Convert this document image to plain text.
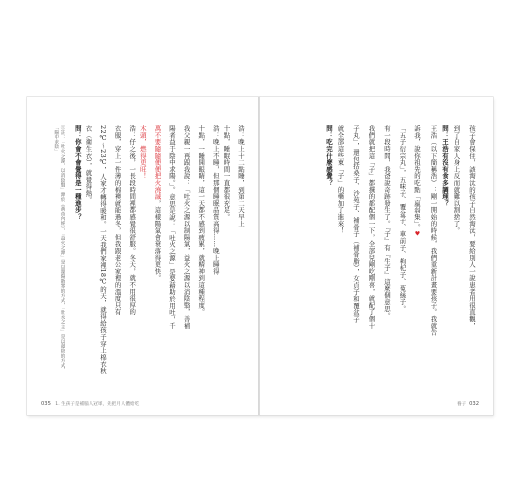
035 1. 生孩子是補腦人冠軍，先把月人體給吃
浩：晚上十二點睡，到第二天早上
十點，睡眠時間一直都很充足。
浩：晚上不睡，但那個睡眠品質高得……晚上睡得
十點，一睡開眼睛，這一天都不感到疲累，就精神到這種程度。
我父親一再跟我說：「吐火之源以制陽氣，益火之源以消陰翳，善補
陽者益于陰中求陽。」。意思是說：「吐火之源」是要藉助於用吐，千
萬不要隨隨便便把火澆滅，這樣陽氣會衰落得更快。
木頭，燃得更旺！
浩：仔之後，一長段時間裡都感覺很舒服。冬天，就不用很厚的
衣服，穿上一件薄的棉襖就能過冬，但我跟老公家裡的溫度只有
22℃～23℃，人家才轉得暖和。一天我們家裡18℃的天，就得給孩子穿上棉衣秋
衣（衛生衣），就覺得熱。
問：你會不會覺得是一種進步？
①註：「吐火之源，以消陰翳」源於《黃帝內經》，「益火之源」是以溫陽散寒的方式，「壯水之主」是以滋陰的方式，「陽中求陰」
養子 032
孩子會保住，該淘汰的孩子自然淘汰，要給別人一說患者用很直觀，
到了自家人身上反而就難以割捨了。
問：王浩有沒有食多調理？
王浩（以下簡稱浩）：剛一開始的時候，我們重新計畫要孩子。我就告
訴我，說你祖先的吃點「羸弱集」。♥
「五子衍宗丸」，五味子、覆盆子、車前子、枸杞子、菟絲子。
有一段時間，我爸說奇跡發生了。『子』有『生子』這麼個意思。
我們就把這「子」都撰的都配個一下，全部兒剛吃剛喜，就配了個十
子丸」，還包括桑子、沙苑子、補骨子（補骨脂），女貞子和覆盆子
就全部這些東「子」的藥加了進來！
問：吃完什麼感覺？
